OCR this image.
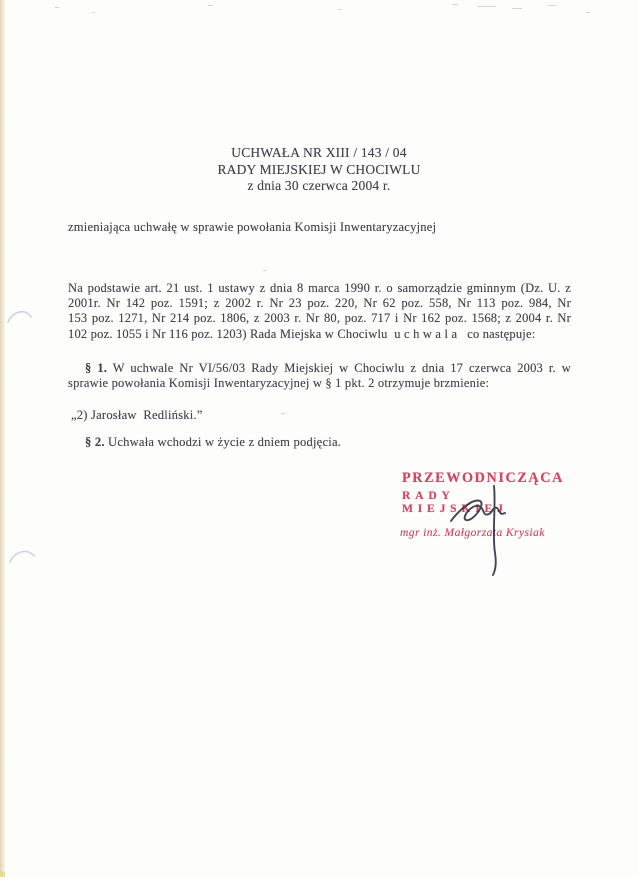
UCHWAŁA NR XIII / 143 / 04
RADY MIEJSKIEJ W CHOCIWLU
z dnia 30 czerwca 2004 r.
zmieniająca uchwałę w sprawie powołania Komisji Inwentaryzacyjnej
Na podstawie art. 21 ust. 1 ustawy z dnia 8 marca 1990 r. o samorządzie gminnym (Dz. U. z
2001r. Nr 142 poz. 1591; z 2002 r. Nr 23 poz. 220, Nr 62 poz. 558, Nr 113 poz. 984, Nr
153 poz. 1271, Nr 214 poz. 1806, z 2003 r. Nr 80, poz. 717 i Nr 162 poz. 1568; z 2004 r. Nr
102 poz. 1055 i Nr 116 poz. 1203) Rada Miejska w Chociwlu  u c h w a l a   co następuje:
§ 1. W uchwale Nr VI/56/03 Rady Miejskiej w Chociwlu z dnia 17 czerwca 2003 r. w
sprawie powołania Komisji Inwentaryzacyjnej w § 1 pkt. 2 otrzymuje brzmienie:
„2) Jarosław  Redliński.”
§ 2. Uchwała wchodzi w życie z dniem podjęcia.
PRZEWODNICZĄCA
RADY MIEJSKIEJ
mgr inż. Małgorzata Krysiak
